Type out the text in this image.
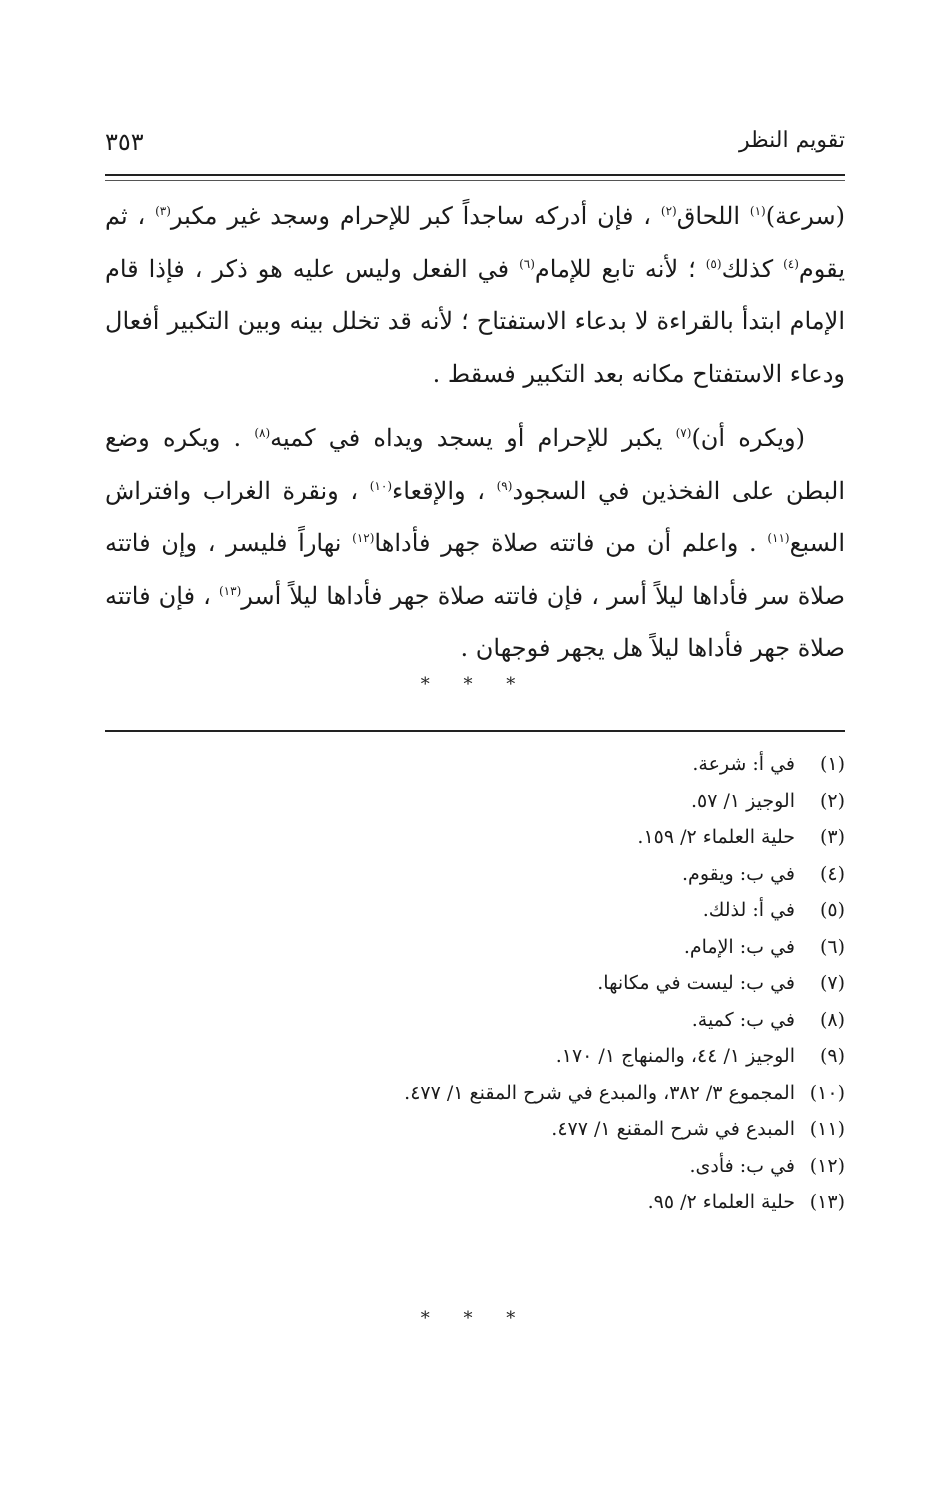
تقويم النظر
٣٥٣

(سرعة)$^{(١)}$ اللحاق$^{(٢)}$ ، فإن أدركه ساجداً كبر للإحرام وسجد غير مكبر$^{(٣)}$ ، ثم يقوم$^{(٤)}$ كذلك$^{(٥)}$ ؛ لأنه تابع للإمام$^{(٦)}$ في الفعل وليس عليه هو ذكر ، فإذا قام الإمام ابتدأ بالقراءة لا بدعاء الاستفتاح ؛ لأنه قد تخلل بينه وبين التكبير أفعال ودعاء الاستفتاح مكانه بعد التكبير فسقط .

(ويكره أن)$^{(٧)}$ يكبر للإحرام أو يسجد ويداه في كميه$^{(٨)}$ . ويكره وضع البطن على الفخذين في السجود$^{(٩)}$ ، والإقعاء$^{(١٠)}$ ، ونقرة الغراب وافتراش السبع$^{(١١)}$ . واعلم أن من فاتته صلاة جهر فأداها$^{(١٢)}$ نهاراً فليسر ، وإن فاتته صلاة سر فأداها ليلاً أسر ، فإن فاتته صلاة جهر فأداها ليلاً أسر$^{(١٣)}$ ، فإن فاتته صلاة جهر فأداها ليلاً هل يجهر فوجهان .

* * *
(١)في أ: شرعة.
(٢)الوجيز ١/ ٥٧.
(٣)حلية العلماء ٢/ ١٥٩.
(٤)في ب: ويقوم.
(٥)في أ: لذلك.
(٦)في ب: الإمام.
(٧)في ب: ليست في مكانها.
(٨)في ب: كمية.
(٩)الوجيز ١/ ٤٤، والمنهاج ١/ ١٧٠.
(١٠)المجموع ٣/ ٣٨٢، والمبدع في شرح المقنع ١/ ٤٧٧.
(١١)المبدع في شرح المقنع ١/ ٤٧٧.
(١٢)في ب: فأدى.
(١٣)حلية العلماء ٢/ ٩٥.
* * *
